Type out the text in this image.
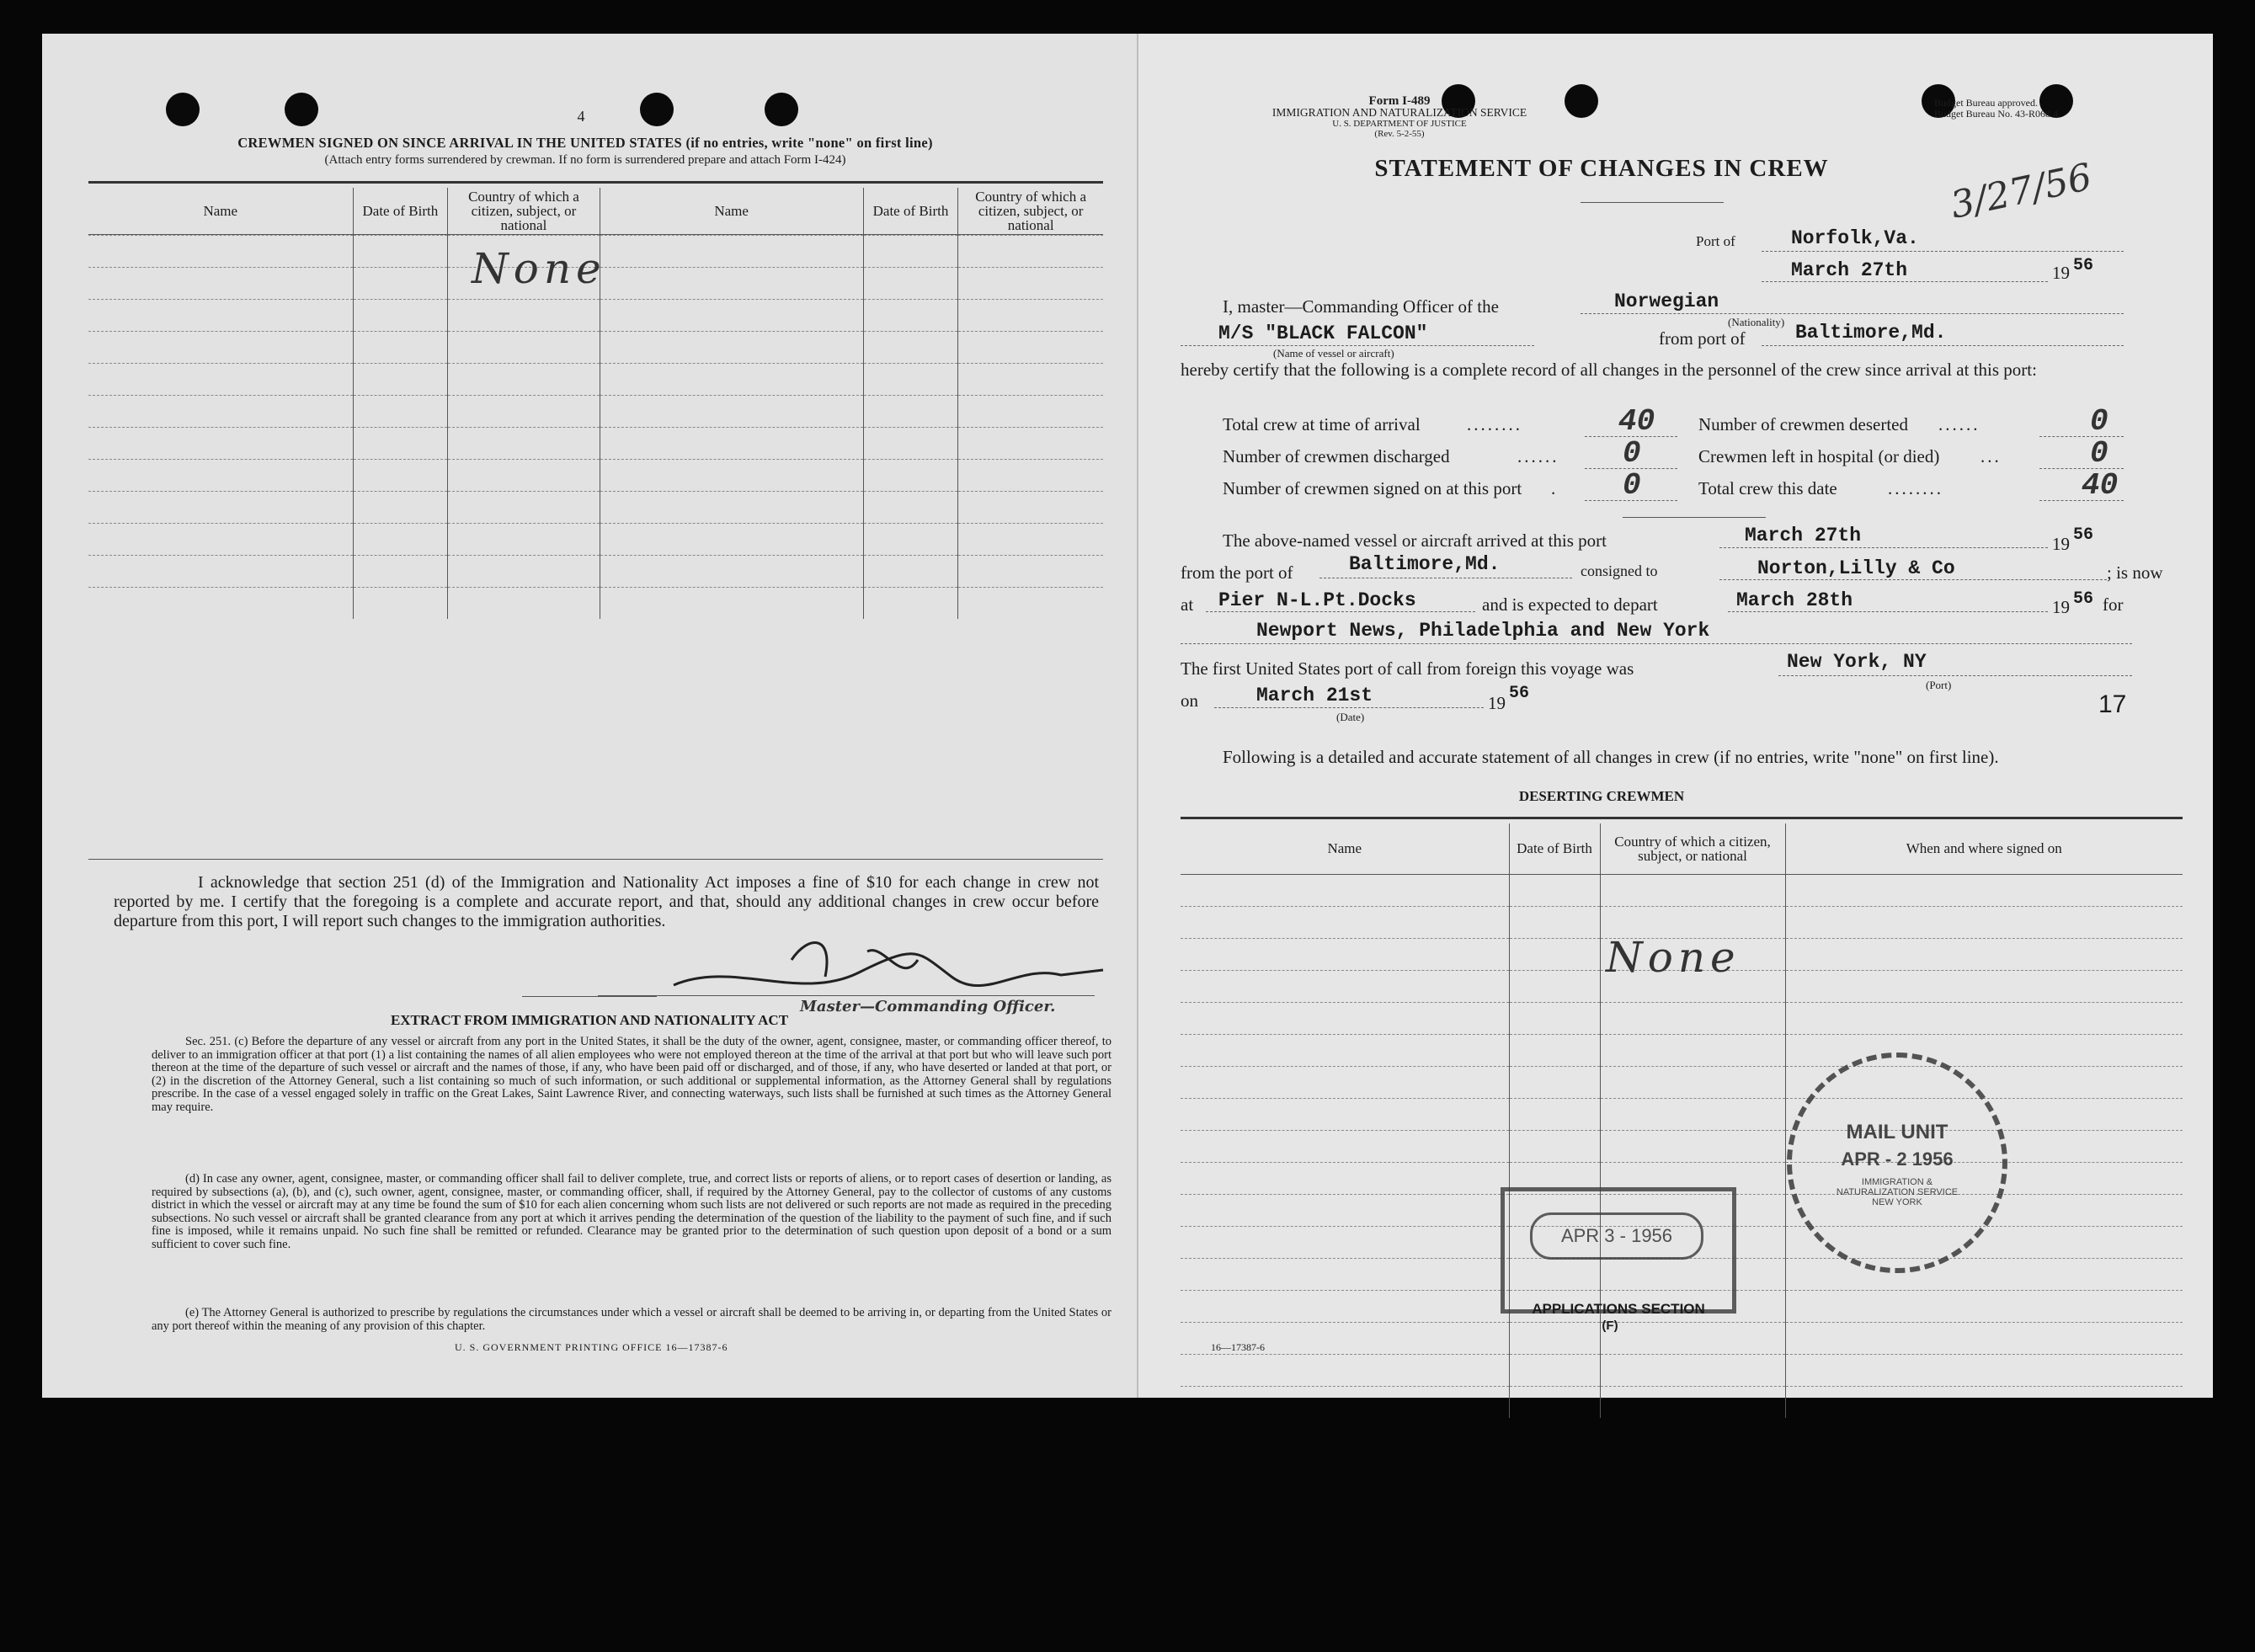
4
CREWMEN SIGNED ON SINCE ARRIVAL IN THE UNITED STATES (if no entries, write "none" on first line)
(Attach entry forms surrendered by crewman. If no form is surrendered prepare and attach Form I-424)
Name	Date of Birth	Country of which a citizen, subject, or national	Name	Date of Birth	Country of which a citizen, subject, or national

None
I acknowledge that section 251 (d) of the Immigration and Nationality Act imposes a fine of $10 for each change in crew not reported by me. I certify that the foregoing is a complete and accurate report, and that, should any additional changes in crew occur before departure from this port, I will report such changes to the immigration authorities.
Master—Commanding Officer.
EXTRACT FROM IMMIGRATION AND NATIONALITY ACT
Sec. 251. (c) Before the departure of any vessel or aircraft from any port in the United States, it shall be the duty of the owner, agent, consignee, master, or commanding officer thereof, to deliver to an immigration officer at that port (1) a list containing the names of all alien employees who were not employed thereon at the time of the arrival at that port but who will leave such port thereon at the time of the departure of such vessel or aircraft and the names of those, if any, who have been paid off or discharged, and of those, if any, who have deserted or landed at that port, or (2) in the discretion of the Attorney General, such a list containing so much of such information, or such additional or supplemental information, as the Attorney General shall by regulations prescribe. In the case of a vessel engaged solely in traffic on the Great Lakes, Saint Lawrence River, and connecting waterways, such lists shall be furnished at such times as the Attorney General may require.
(d) In case any owner, agent, consignee, master, or commanding officer shall fail to deliver complete, true, and correct lists or reports of aliens, or to report cases of desertion or landing, as required by subsections (a), (b), and (c), such owner, agent, consignee, master, or commanding officer, shall, if required by the Attorney General, pay to the collector of customs of any customs district in which the vessel or aircraft may at any time be found the sum of $10 for each alien concerning whom such lists are not delivered or such reports are not made as required in the preceding subsections. No such vessel or aircraft shall be granted clearance from any port at which it arrives pending the determination of the question of the liability to the payment of such fine, and if such fine is imposed, while it remains unpaid. No such fine shall be remitted or refunded. Clearance may be granted prior to the determination of such question upon deposit of a bond or a sum sufficient to cover such fine.
(e) The Attorney General is authorized to prescribe by regulations the circumstances under which a vessel or aircraft shall be deemed to be arriving in, or departing from the United States or any port thereof within the meaning of any provision of this chapter.
U. S. GOVERNMENT PRINTING OFFICE 16—17387-6
Form I-489
IMMIGRATION AND NATURALIZATION SERVICE
U. S. DEPARTMENT OF JUSTICE
(Rev. 5-2-55)
Budget Bureau approved.
Budget Bureau No. 43-R068.4.
3/27/56
STATEMENT OF CHANGES IN CREW
Port of	Norfolk,Va.
March 27th	19 56
I, master—Commanding Officer of the	Norwegian
(Nationality)
M/S "BLACK FALCON"
(Name of vessel or aircraft)
from port of	Baltimore,Md.
hereby certify that the following is a complete record of all changes in the personnel of the crew since arrival at this port:
Total crew at time of arrival	........	40 Number of crewmen deserted ......	0
Number of crewmen discharged	...... 0	Crewmen left in hospital (or died) ...	0
Number of crewmen signed on at this port . 0	Total crew this date	........	40
The above-named vessel or aircraft arrived at this port	March 27th	19 56
from the port of	Baltimore,Md.	consigned to	Norton,Lilly & Co	; is now
at Pier N-L.Pt.Docks	and is expected to depart	March 28th	19 56 for
Newport News, Philadelphia and New York
The first United States port of call from foreign this voyage was	New York, NY
(Port)
on	March 21st
(Date)
19 56	17
Following is a detailed and accurate statement of all changes in crew (if no entries, write "none" on first line).
DESERTING CREWMEN
Name	Date of Birth	Country of which a citizen, subject, or national	When and where signed on

None
MAIL UNIT
APR - 2 1956
IMMIGRATION & NATURALIZATION SERVICE NEW YORK
APR 3 - 1956
APPLICATIONS SECTION
(F)
16—17387-6
